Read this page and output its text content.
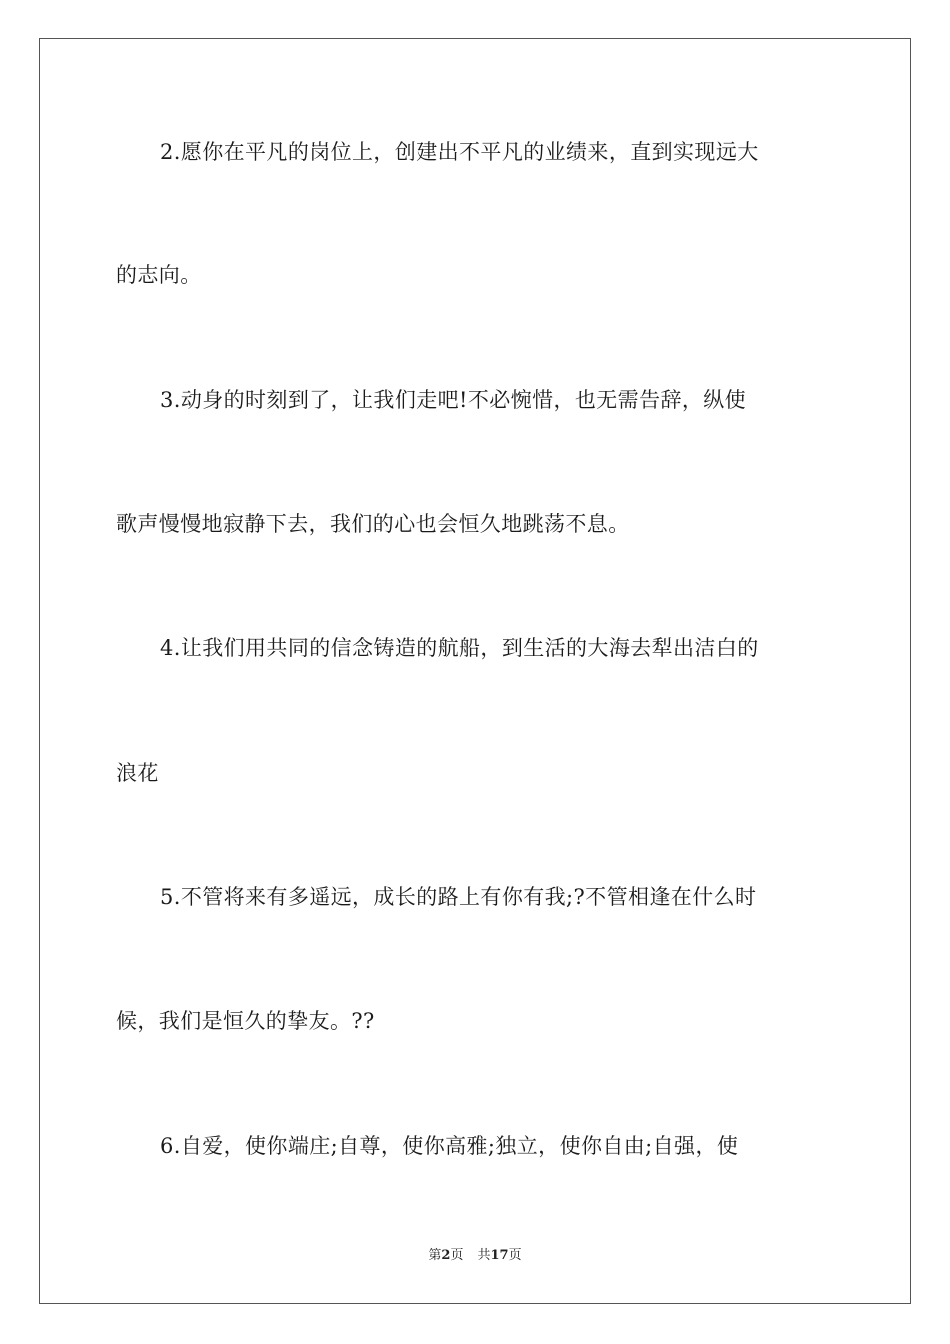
2.愿你在平凡的岗位上，创建出不平凡的业绩来，直到实现远大
的志向。
3.动身的时刻到了，让我们走吧!不必惋惜，也无需告辞，纵使
歌声慢慢地寂静下去，我们的心也会恒久地跳荡不息。
4.让我们用共同的信念铸造的航船，到生活的大海去犁出洁白的
浪花
5.不管将来有多遥远，成长的路上有你有我;?不管相逢在什么时
候，我们是恒久的挚友。??
6.自爱，使你端庄;自尊，使你高雅;独立，使你自由;自强，使
第2页 共17页
